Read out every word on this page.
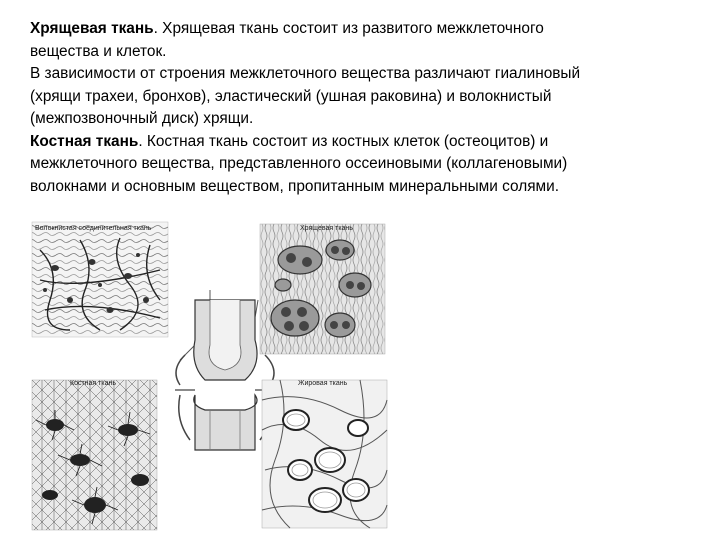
Хрящевая ткань. Хрящевая ткань состоит из развитого межклеточного

вещества и клеток.

В зависимости от строения межклеточного вещества различают гиалиновый

(хрящи трахеи, бронхов), эластический (ушная раковина) и волокнистый

(межпозвоночный диск) хрящи.

Костная ткань. Костная ткань состоит из костных клеток (остеоцитов) и

межклеточного вещества, представленного оссеиновыми (коллагеновыми)

волокнами и основным веществом, пропитанным минеральными солями.

Волокнистая соединительная ткань	Хрящевая ткань
Костная ткань	Жировая ткань
